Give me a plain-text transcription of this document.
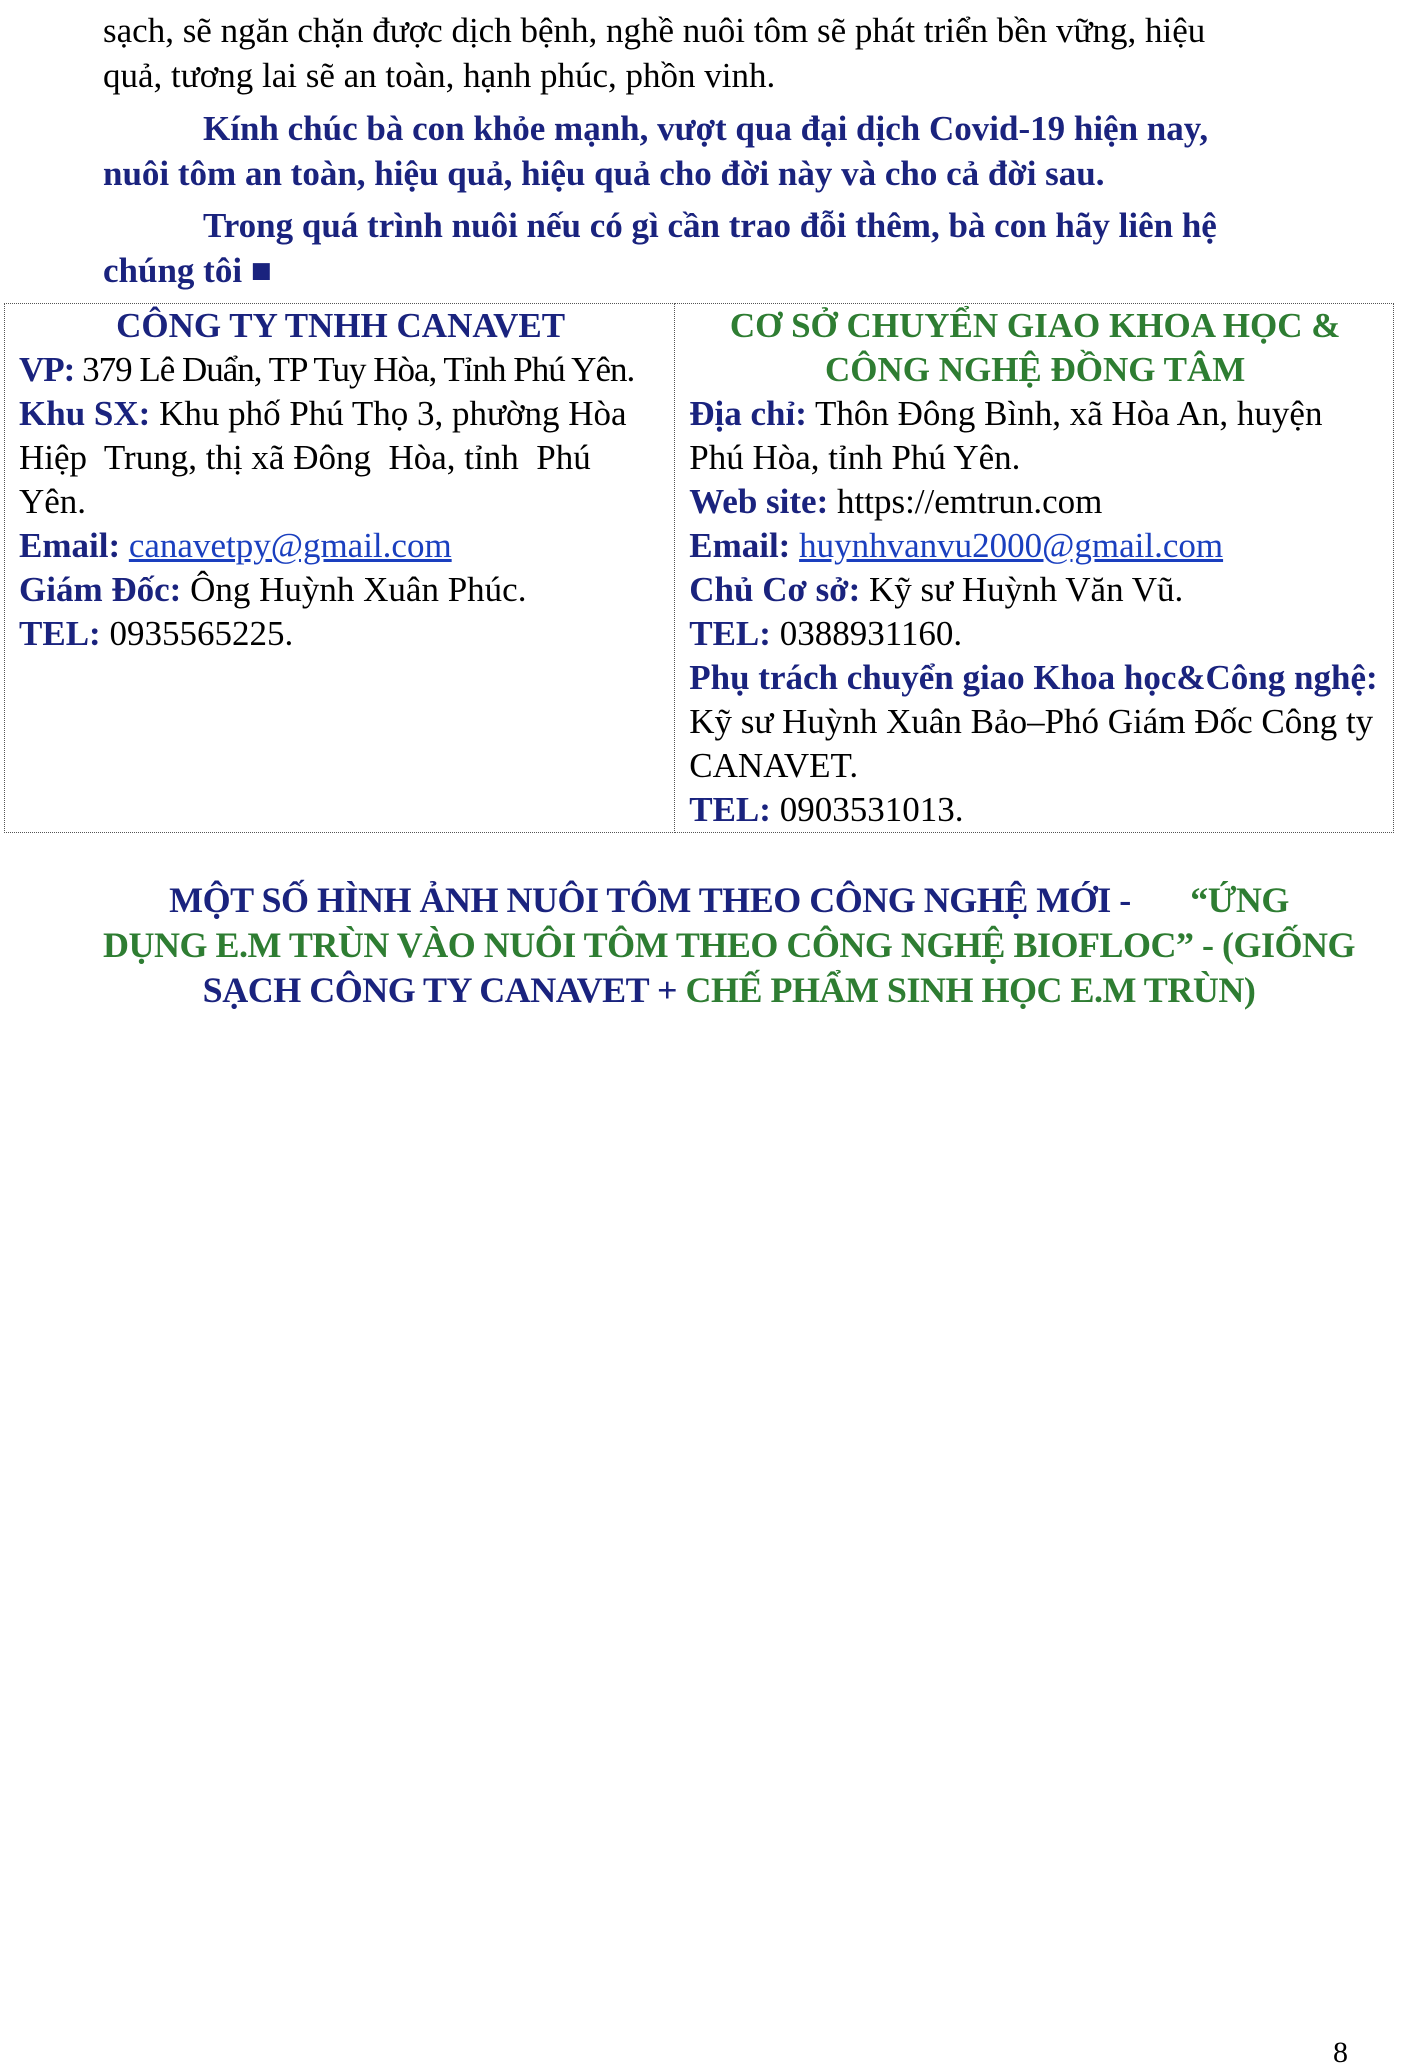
sạch, sẽ ngăn chặn được dịch bệnh, nghề nuôi tôm sẽ phát triển bền vững, hiệu
quả, tương lai sẽ an toàn, hạnh phúc, phồn vinh.
Kính chúc bà con khỏe mạnh, vượt qua đại dịch Covid-19 hiện nay,
nuôi tôm an toàn, hiệu quả, hiệu quả cho đời này và cho cả đời sau.
Trong quá trình nuôi nếu có gì cần trao đỗi thêm, bà con hãy liên hệ
chúng tôi ■
CÔNG TY TNHH CANAVET
VP: 379 Lê Duẩn, TP Tuy Hòa, Tỉnh Phú Yên.
Khu SX: Khu phố Phú Thọ 3, phường Hòa
Hiệp  Trung, thị xã Đông  Hòa, tỉnh  Phú
Yên.
Email: canavetpy@gmail.com
Giám Đốc: Ông Huỳnh Xuân Phúc.
TEL: 0935565225.

CƠ SỞ CHUYỂN GIAO KHOA HỌC &
CÔNG NGHỆ ĐỒNG TÂM
Địa chỉ: Thôn Đông Bình, xã Hòa An, huyện
Phú Hòa, tỉnh Phú Yên.
Web site: https://emtrun.com
Email: huynhvanvu2000@gmail.com
Chủ Cơ sở: Kỹ sư Huỳnh Văn Vũ.
TEL: 0388931160.
Phụ trách chuyển giao Khoa học&Công nghệ:
Kỹ sư Huỳnh Xuân Bảo–Phó Giám Đốc Công ty
CANAVET.
TEL: 0903531013.
MỘT SỐ HÌNH ẢNH NUÔI TÔM THEO CÔNG NGHỆ MỚI - “ỨNG
DỤNG E.M TRÙN VÀO NUÔI TÔM THEO CÔNG NGHỆ BIOFLOC” - (GIỐNG
SẠCH CÔNG TY CANAVET + CHẾ PHẨM SINH HỌC E.M TRÙN)
8
